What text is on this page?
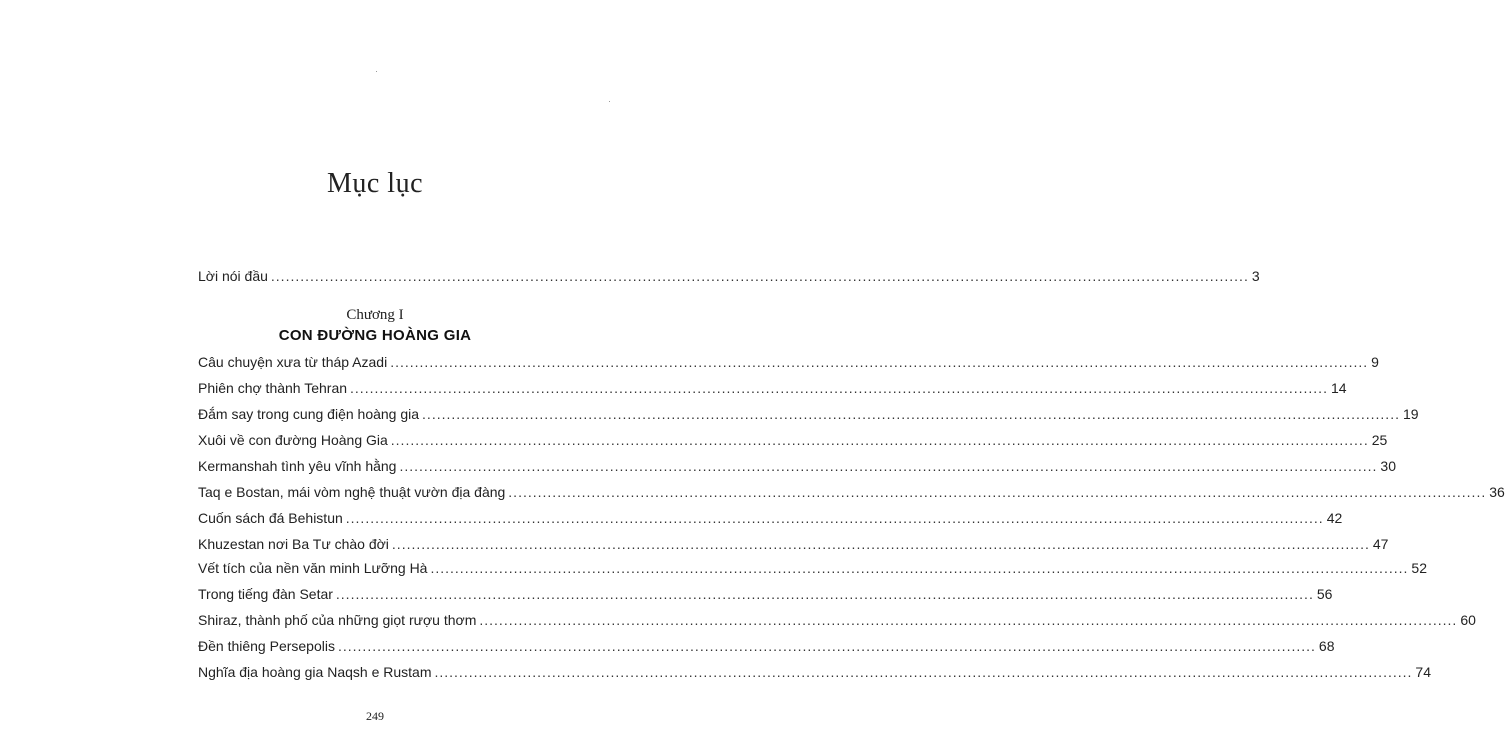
Mục lục
Lời nói đầu ........................................................................................................................................................................................................ 3
Chương I
CON ĐƯỜNG HOÀNG GIA
Câu chuyện xưa từ tháp Azadi ........................................................................................................................................................................................................ 9
Phiên chợ thành Tehran ........................................................................................................................................................................................................ 14
Đắm say trong cung điện hoàng gia ........................................................................................................................................................................................................ 19
Xuôi về con đường Hoàng Gia ........................................................................................................................................................................................................ 25
Kermanshah tình yêu vĩnh hằng ........................................................................................................................................................................................................ 30
Taq e Bostan, mái vòm nghệ thuật vườn địa đàng ........................................................................................................................................................................................................ 36
Cuốn sách đá Behistun ........................................................................................................................................................................................................ 42
Khuzestan nơi Ba Tư chào đời ........................................................................................................................................................................................................ 47
Vết tích của nền văn minh Lưỡng Hà ........................................................................................................................................................................................................ 52
Trong tiếng đàn Setar ........................................................................................................................................................................................................ 56
Shiraz, thành phố của những giọt rượu thơm ........................................................................................................................................................................................................ 60
Đền thiêng Persepolis ........................................................................................................................................................................................................ 68
Nghĩa địa hoàng gia Naqsh e Rustam ........................................................................................................................................................................................................ 74
249
